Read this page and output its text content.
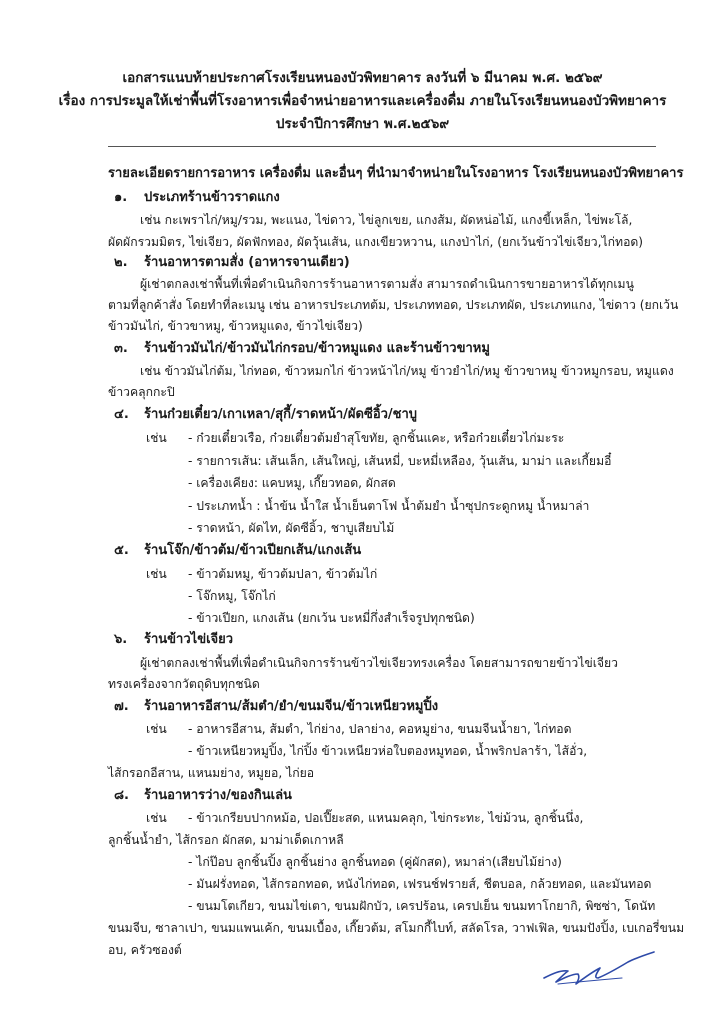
เอกสารแนบท้ายประกาศโรงเรียนหนองบัวพิทยาคาร ลงวันที่ ๖ มีนาคม พ.ศ. ๒๕๖๙
เรื่อง การประมูลให้เช่าพื้นที่โรงอาหารเพื่อจำหน่ายอาหารและเครื่องดื่ม ภายในโรงเรียนหนองบัวพิทยาคาร
ประจำปีการศึกษา พ.ศ.๒๕๖๙
รายละเอียดรายการอาหาร เครื่องดื่ม และอื่นๆ ที่นำมาจำหน่ายในโรงอาหาร โรงเรียนหนองบัวพิทยาคาร
๑. ประเภทร้านข้าวราดแกง
เช่น กะเพราไก่/หมู/รวม, พะแนง, ไข่ดาว, ไข่ลูกเขย, แกงส้ม, ผัดหน่อไม้, แกงขี้เหล็ก, ไข่พะโล้,
ผัดผักรวมมิตร, ไข่เจียว, ผัดฟักทอง, ผัดวุ้นเส้น, แกงเขียวหวาน, แกงป่าไก่, (ยกเว้นข้าวไข่เจียว,ไก่ทอด)
๒. ร้านอาหารตามสั่ง (อาหารจานเดียว)
ผู้เช่าตกลงเช่าพื้นที่เพื่อดำเนินกิจการร้านอาหารตามสั่ง สามารถดำเนินการขายอาหารได้ทุกเมนู
ตามที่ลูกค้าสั่ง โดยทำที่ละเมนู เช่น อาหารประเภทต้ม, ประเภททอด, ประเภทผัด, ประเภทแกง, ไข่ดาว (ยกเว้น
ข้าวมันไก่, ข้าวขาหมู, ข้าวหมูแดง, ข้าวไข่เจียว)
๓. ร้านข้าวมันไก่/ข้าวมันไก่กรอบ/ข้าวหมูแดง และร้านข้าวขาหมู
เช่น ข้าวมันไก่ต้ม, ไก่ทอด, ข้าวหมกไก่ ข้าวหน้าไก่/หมู ข้าวยำไก่/หมู ข้าวขาหมู ข้าวหมูกรอบ, หมูแดง
ข้าวคลุกกะปิ
๔. ร้านก๋วยเตี๋ยว/เกาเหลา/สุกี้/ราดหน้า/ผัดซีอิ้ว/ชาบู
เช่น - ก๋วยเตี๋ยวเรือ, ก๋วยเตี๋ยวต้มยำสุโขทัย, ลูกชิ้นแคะ, หรือก๋วยเตี๋ยวไก่มะระ
- รายการเส้น: เส้นเล็ก, เส้นใหญ่, เส้นหมี่, บะหมี่เหลือง, วุ้นเส้น, มาม่า และเกี้ยมอี๋
- เครื่องเคียง: แคบหมู, เกี๊ยวทอด, ผักสด
- ประเภทน้ำ : น้ำข้น น้ำใส น้ำเย็นตาโฟ น้ำต้มยำ น้ำซุปกระดูกหมู น้ำหมาล่า
- ราดหน้า, ผัดไท, ผัดซีอิ้ว, ชาบูเสียบไม้
๕. ร้านโจ๊ก/ข้าวต้ม/ข้าวเปียกเส้น/แกงเส้น
เช่น - ข้าวต้มหมู, ข้าวต้มปลา, ข้าวต้มไก่
- โจ๊กหมู, โจ๊กไก่
- ข้าวเปียก, แกงเส้น (ยกเว้น บะหมี่กึ่งสำเร็จรูปทุกชนิด)
๖. ร้านข้าวไข่เจียว
ผู้เช่าตกลงเช่าพื้นที่เพื่อดำเนินกิจการร้านข้าวไข่เจียวทรงเครื่อง โดยสามารถขายข้าวไข่เจียว
ทรงเครื่องจากวัตถุดิบทุกชนิด
๗. ร้านอาหารอีสาน/ส้มตำ/ยำ/ขนมจีน/ข้าวเหนียวหมูปิ้ง
เช่น - อาหารอีสาน, ส้มตำ, ไก่ย่าง, ปลาย่าง, คอหมูย่าง, ขนมจีนน้ำยา, ไก่ทอด
- ข้าวเหนียวหมูปิ้ง, ไก่ปิ้ง ข้าวเหนียวห่อใบตองหมูทอด, น้ำพริกปลาร้า, ไส้อั่ว,
ไส้กรอกอีสาน, แหนมย่าง, หมูยอ, ไก่ยอ
๘. ร้านอาหารว่าง/ของกินเล่น
เช่น - ข้าวเกรียบปากหม้อ, ปอเปี๊ยะสด, แหนมคลุก, ไข่กระทะ, ไข่ม้วน, ลูกชิ้นนึ่ง,
ลูกชิ้นน้ำยำ, ไส้กรอก ผักสด, มาม่าเด็ดเกาหลี
- ไก่ป๊อบ ลูกชิ้นปิ้ง ลูกชิ้นย่าง ลูกชิ้นทอด (คู่ผักสด), หมาล่า(เสียบไม้ย่าง)
- มันฝรั่งทอด, ไส้กรอกทอด, หนังไก่ทอด, เฟรนช์ฟรายส์, ชีตบอล, กล้วยทอด, และมันทอด
- ขนมโตเกียว, ขนมไข่เตา, ขนมฝักบัว, เครปร้อน, เครปเย็น ขนมทาโกยากิ, พิซซ่า, โดนัท
ขนมจีบ, ซาลาเปา, ขนมแพนเค้ก, ขนมเบื้อง, เกี๊ยวต้ม, สโมกกี้ไบท์, สลัดโรล, วาฟเฟิล, ขนมปังปิ้ง, เบเกอรี่ขนม
อบ, ครัวซองต์
